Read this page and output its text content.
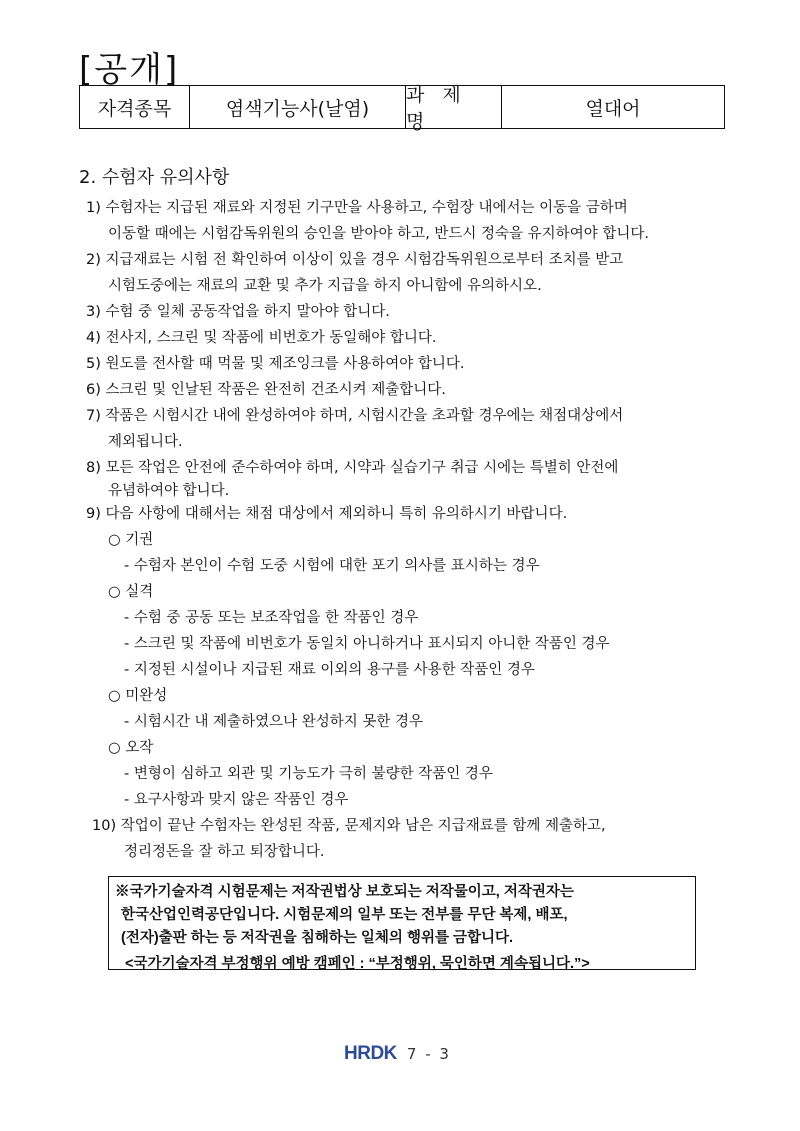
[공개]
자격종목	염색기능사(날염)
과 제 명
열대어
2. 수험자 유의사항
1) 수험자는 지급된 재료와 지정된 기구만을 사용하고, 수험장 내에서는 이동을 금하며
이동할 때에는 시험감독위원의 승인을 받아야 하고, 반드시 정숙을 유지하여야 합니다.
2) 지급재료는 시험 전 확인하여 이상이 있을 경우 시험감독위원으로부터 조치를 받고
시험도중에는 재료의 교환 및 추가 지급을 하지 아니함에 유의하시오.
3) 수험 중 일체 공동작업을 하지 말아야 합니다.
4) 전사지, 스크린 및 작품에 비번호가 동일해야 합니다.
5) 원도를 전사할 때 먹물 및 제조잉크를 사용하여야 합니다.
6) 스크린 및 인날된 작품은 완전히 건조시켜 제출합니다.
7) 작품은 시험시간 내에 완성하여야 하며, 시험시간을 초과할 경우에는 채점대상에서
제외됩니다.
8) 모든 작업은 안전에 준수하여야 하며, 시약과 실습기구 취급 시에는 특별히 안전에
유념하여야 합니다.
9) 다음 사항에 대해서는 채점 대상에서 제외하니 특히 유의하시기 바랍니다.
○ 기권
- 수험자 본인이 수험 도중 시험에 대한 포기 의사를 표시하는 경우
○ 실격
- 수험 중 공동 또는 보조작업을 한 작품인 경우
- 스크린 및 작품에 비번호가 동일치 아니하거나 표시되지 아니한 작품인 경우
- 지정된 시설이나 지급된 재료 이외의 용구를 사용한 작품인 경우
○ 미완성
- 시험시간 내 제출하였으나 완성하지 못한 경우
○ 오작
- 변형이 심하고 외관 및 기능도가 극히 불량한 작품인 경우
- 요구사항과 맞지 않은 작품인 경우
10) 작업이 끝난 수험자는 완성된 작품, 문제지와 남은 지급재료를 함께 제출하고,
정리정돈을 잘 하고 퇴장합니다.
※국가기술자격 시험문제는 저작권법상 보호되는 저작물이고, 저작권자는
한국산업인력공단입니다. 시험문제의 일부 또는 전부를 무단 복제, 배포,
(전자)출판 하는 등 저작권을 침해하는 일체의 행위를 금합니다.
<국가기술자격 부정행위 예방 캠페인 : “부정행위, 묵인하면 계속됩니다.”>
HRDK 7 - 3
